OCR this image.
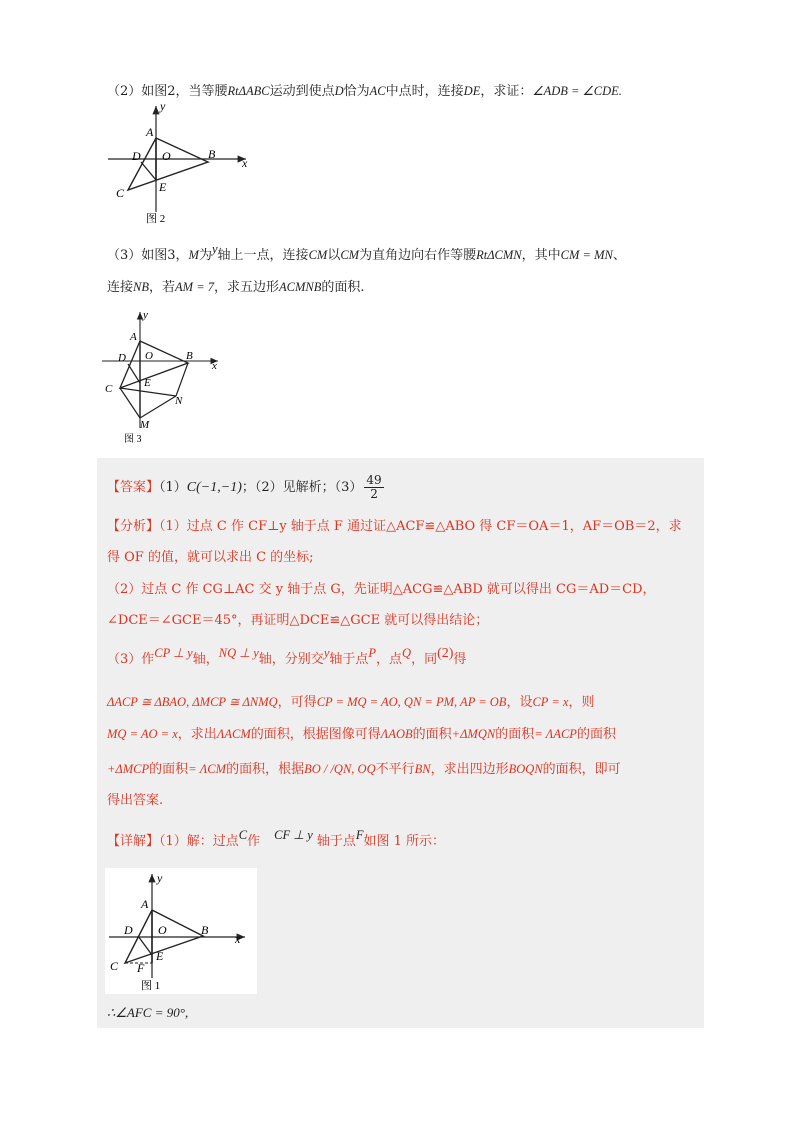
（2）如图2，当等腰RtΔABC运动到使点D恰为AC中点时，连接DE，求证：∠ADB = ∠CDE.
y
x
A
O
D	B
C	E
图 2
（3）如图3，M为y轴上一点，连接CM以CM为直角边向右作等腰RtΔCMN，其中CM = MN、
连接NB，若AM = 7，求五边形ACMNB的面积.
y
x
A
D O	B
C	E
N
M
图 3
【答案】（1）C(−1,−1)；（2）见解析；$(3) \frac{49}{2}$
【分析】（1）过点 C 作 CF⊥y 轴于点 F 通过证△ACF≌△ABO 得 CF＝OA＝1，AF＝OB＝2，求
得 OF 的值，就可以求出 C 的坐标;
（2）过点 C 作 CG⊥AC 交 y 轴于点 G，先证明△ACG≌△ABD 就可以得出 CG＝AD＝CD，
∠DCE＝∠GCE＝45°，再证明△DCE≌△GCE 就可以得出结论；
（3）作CP ⊥ y轴，NQ ⊥ y轴，分别交y轴于点P，点Q，同(2)得
ΔACP ≅ ΔBAO, ΔMCP ≅ ΔNMQ，可得CP = MQ = AO, QN = PM, AP = OB，设CP = x，则
MQ = AO = x，求出ΛACM的面积，根据图像可得ΛAOB的面积+ΔMQN的面积= ΛACP的面积
+ΔMCP的面积= ΛCM的面积，根据BO / /QN, OQ不平行BN，求出四边形BOQN的面积，即可
得出答案.
【详解】（1）解：过点C作 CF ⊥ y 轴于点F如图 1 所示：
y
x
A
D O	B
C F
E
图 1
∴∠AFC = 90°,
